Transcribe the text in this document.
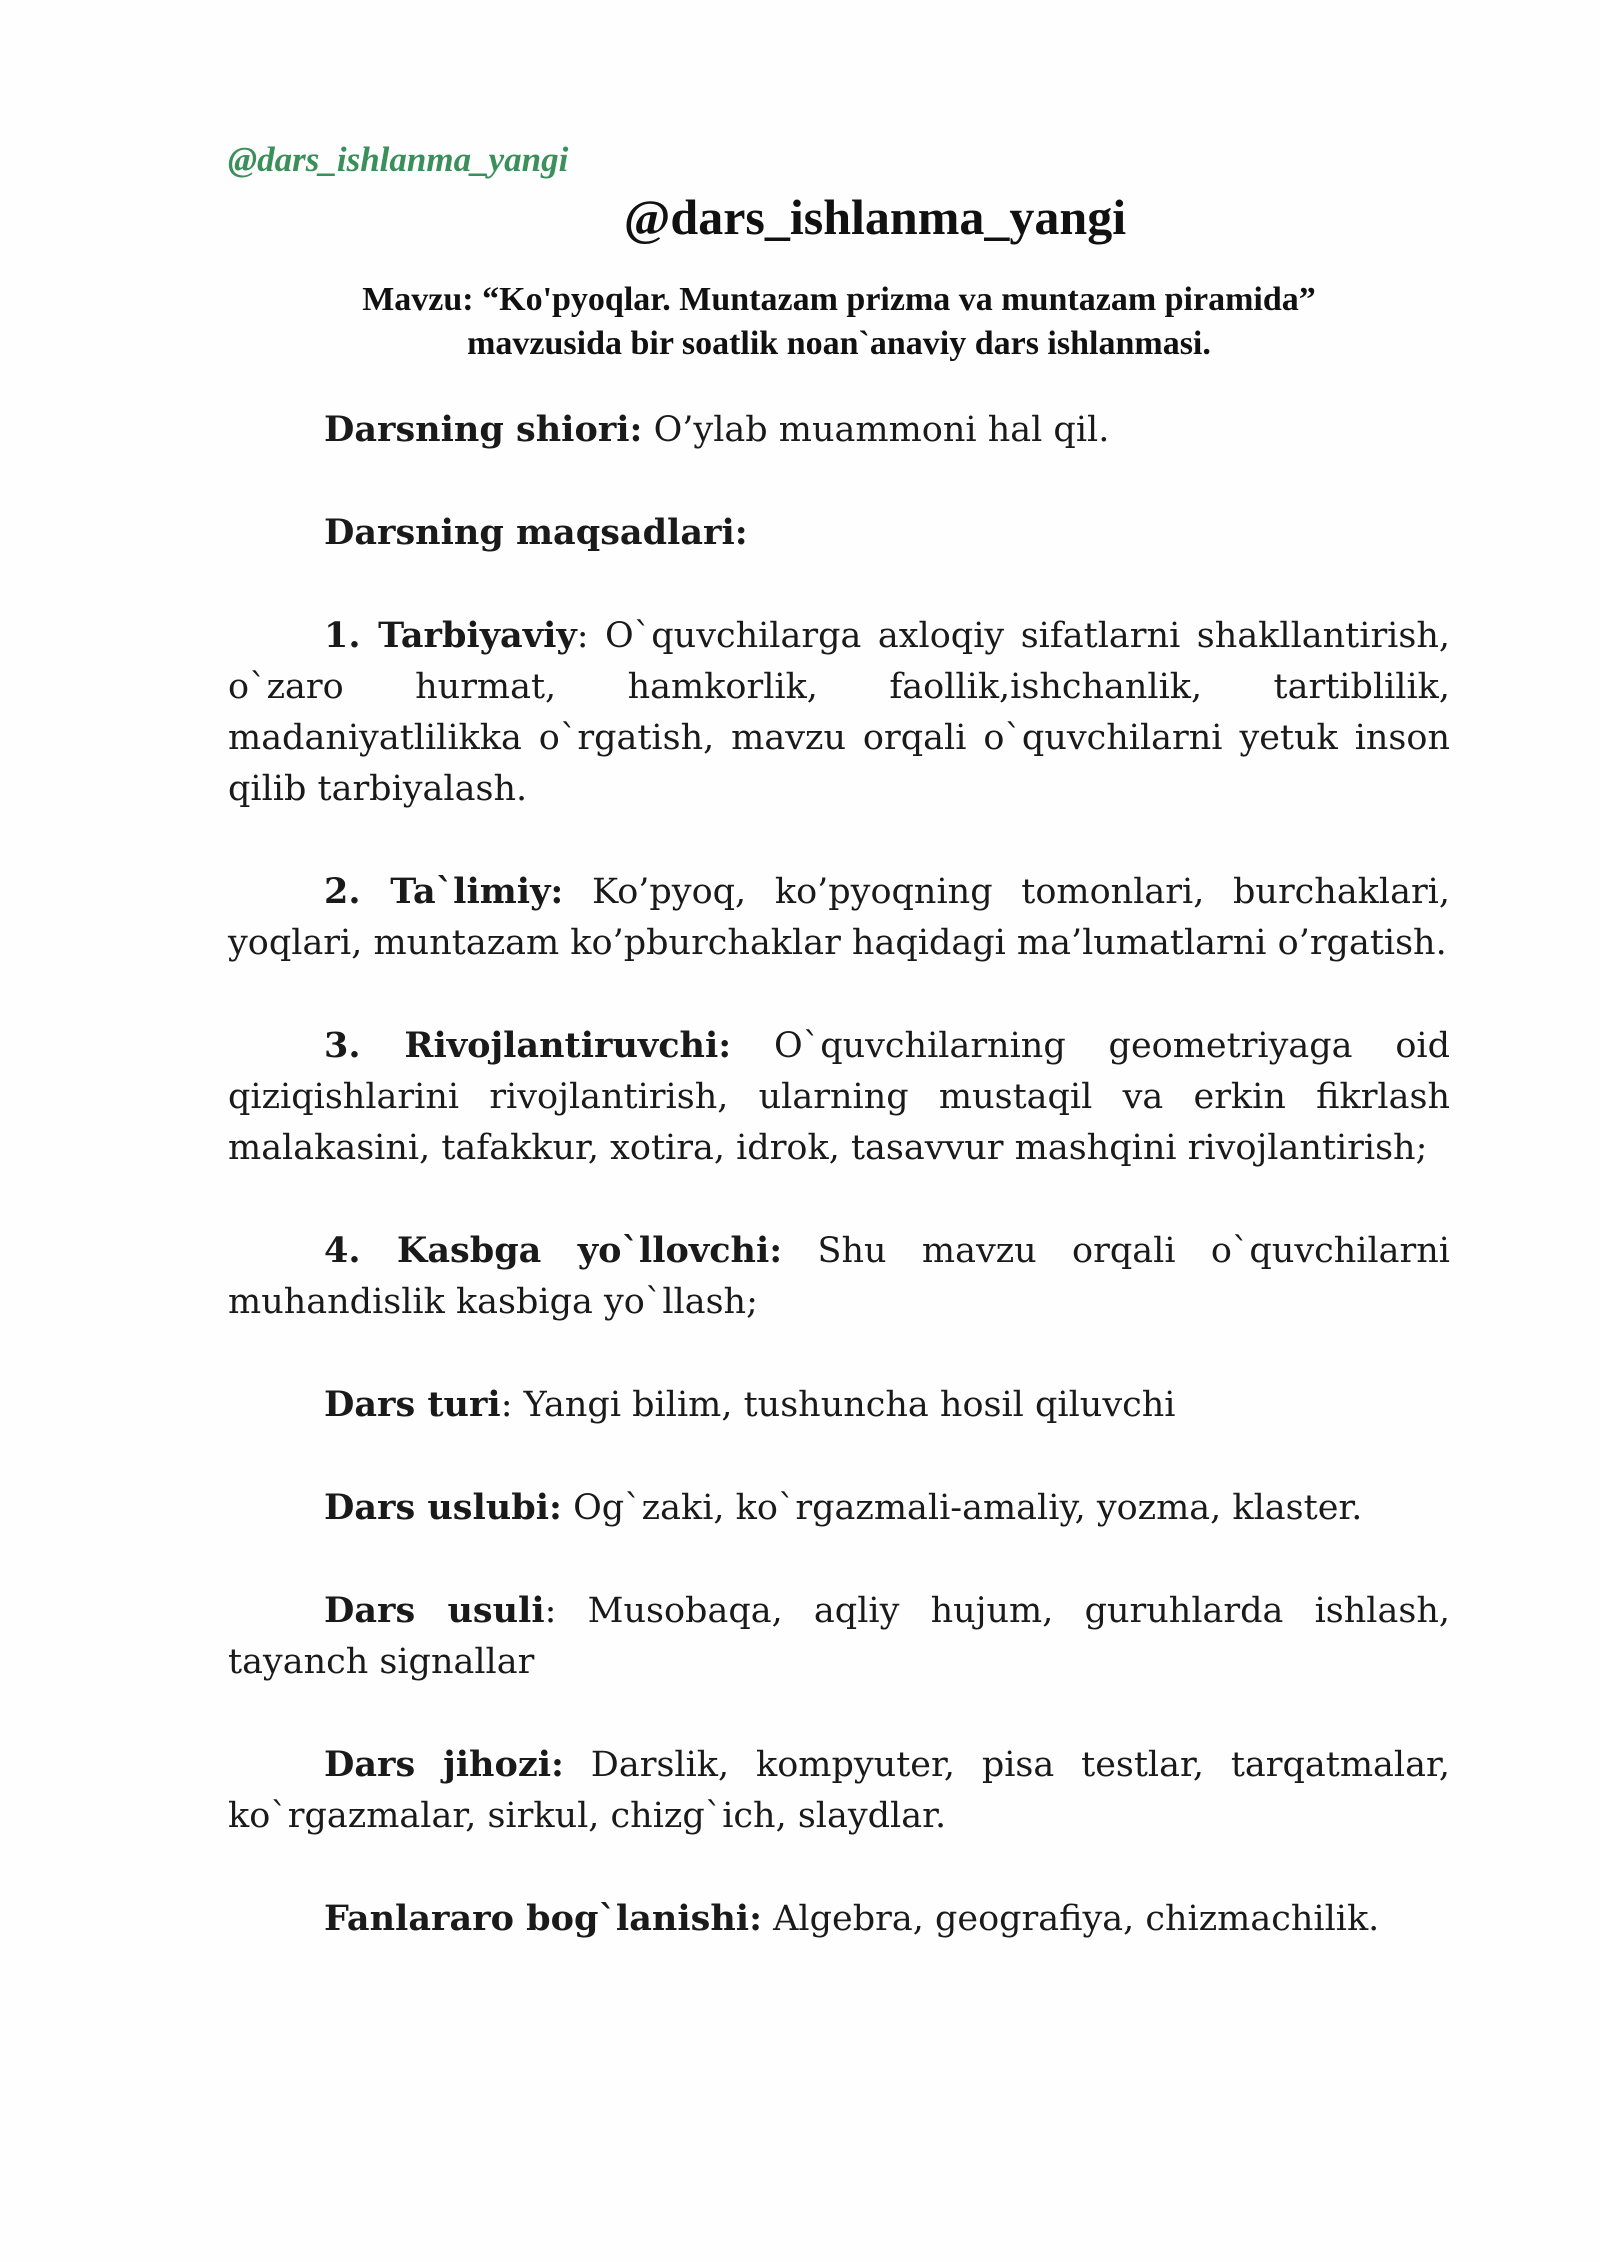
@dars_ishlanma_yangi
@dars_ishlanma_yangi
Mavzu: “Ko'pyoqlar. Muntazam prizma va muntazam piramida”
mavzusida bir soatlik noan`anaviy dars ishlanmasi.

Darsning shiori: O’ylab muammoni hal qil.

Darsning maqsadlari:

1. Tarbiyaviy: O`quvchilarga axloqiy sifatlarni shakllantirish, o`zaro hurmat, hamkorlik, faollik,ishchanlik, tartiblilik, madaniyatlilikka o`rgatish, mavzu orqali o`quvchilarni yetuk inson qilib tarbiyalash.

2. Ta`limiy: Ko’pyoq, ko’pyoqning tomonlari, burchaklari, yoqlari, muntazam ko’pburchaklar haqidagi ma’lumatlarni o’rgatish.

3. Rivojlantiruvchi: O`quvchilarning geometriyaga oid qiziqishlarini rivojlantirish, ularning mustaqil va erkin fikrlash malakasini, tafakkur, xotira, idrok, tasavvur mashqini rivojlantirish;

4. Kasbga yo`llovchi: Shu mavzu orqali o`quvchilarni muhandislik kasbiga yo`llash;

Dars turi: Yangi bilim, tushuncha hosil qiluvchi

Dars uslubi: Og`zaki, ko`rgazmali-amaliy, yozma, klaster.

Dars usuli: Musobaqa, aqliy hujum, guruhlarda ishlash, tayanch signallar

Dars jihozi: Darslik, kompyuter, pisa testlar, tarqatmalar, ko`rgazmalar, sirkul, chizg`ich, slaydlar.

Fanlararo bog`lanishi: Algebra, geografiya, chizmachilik.
